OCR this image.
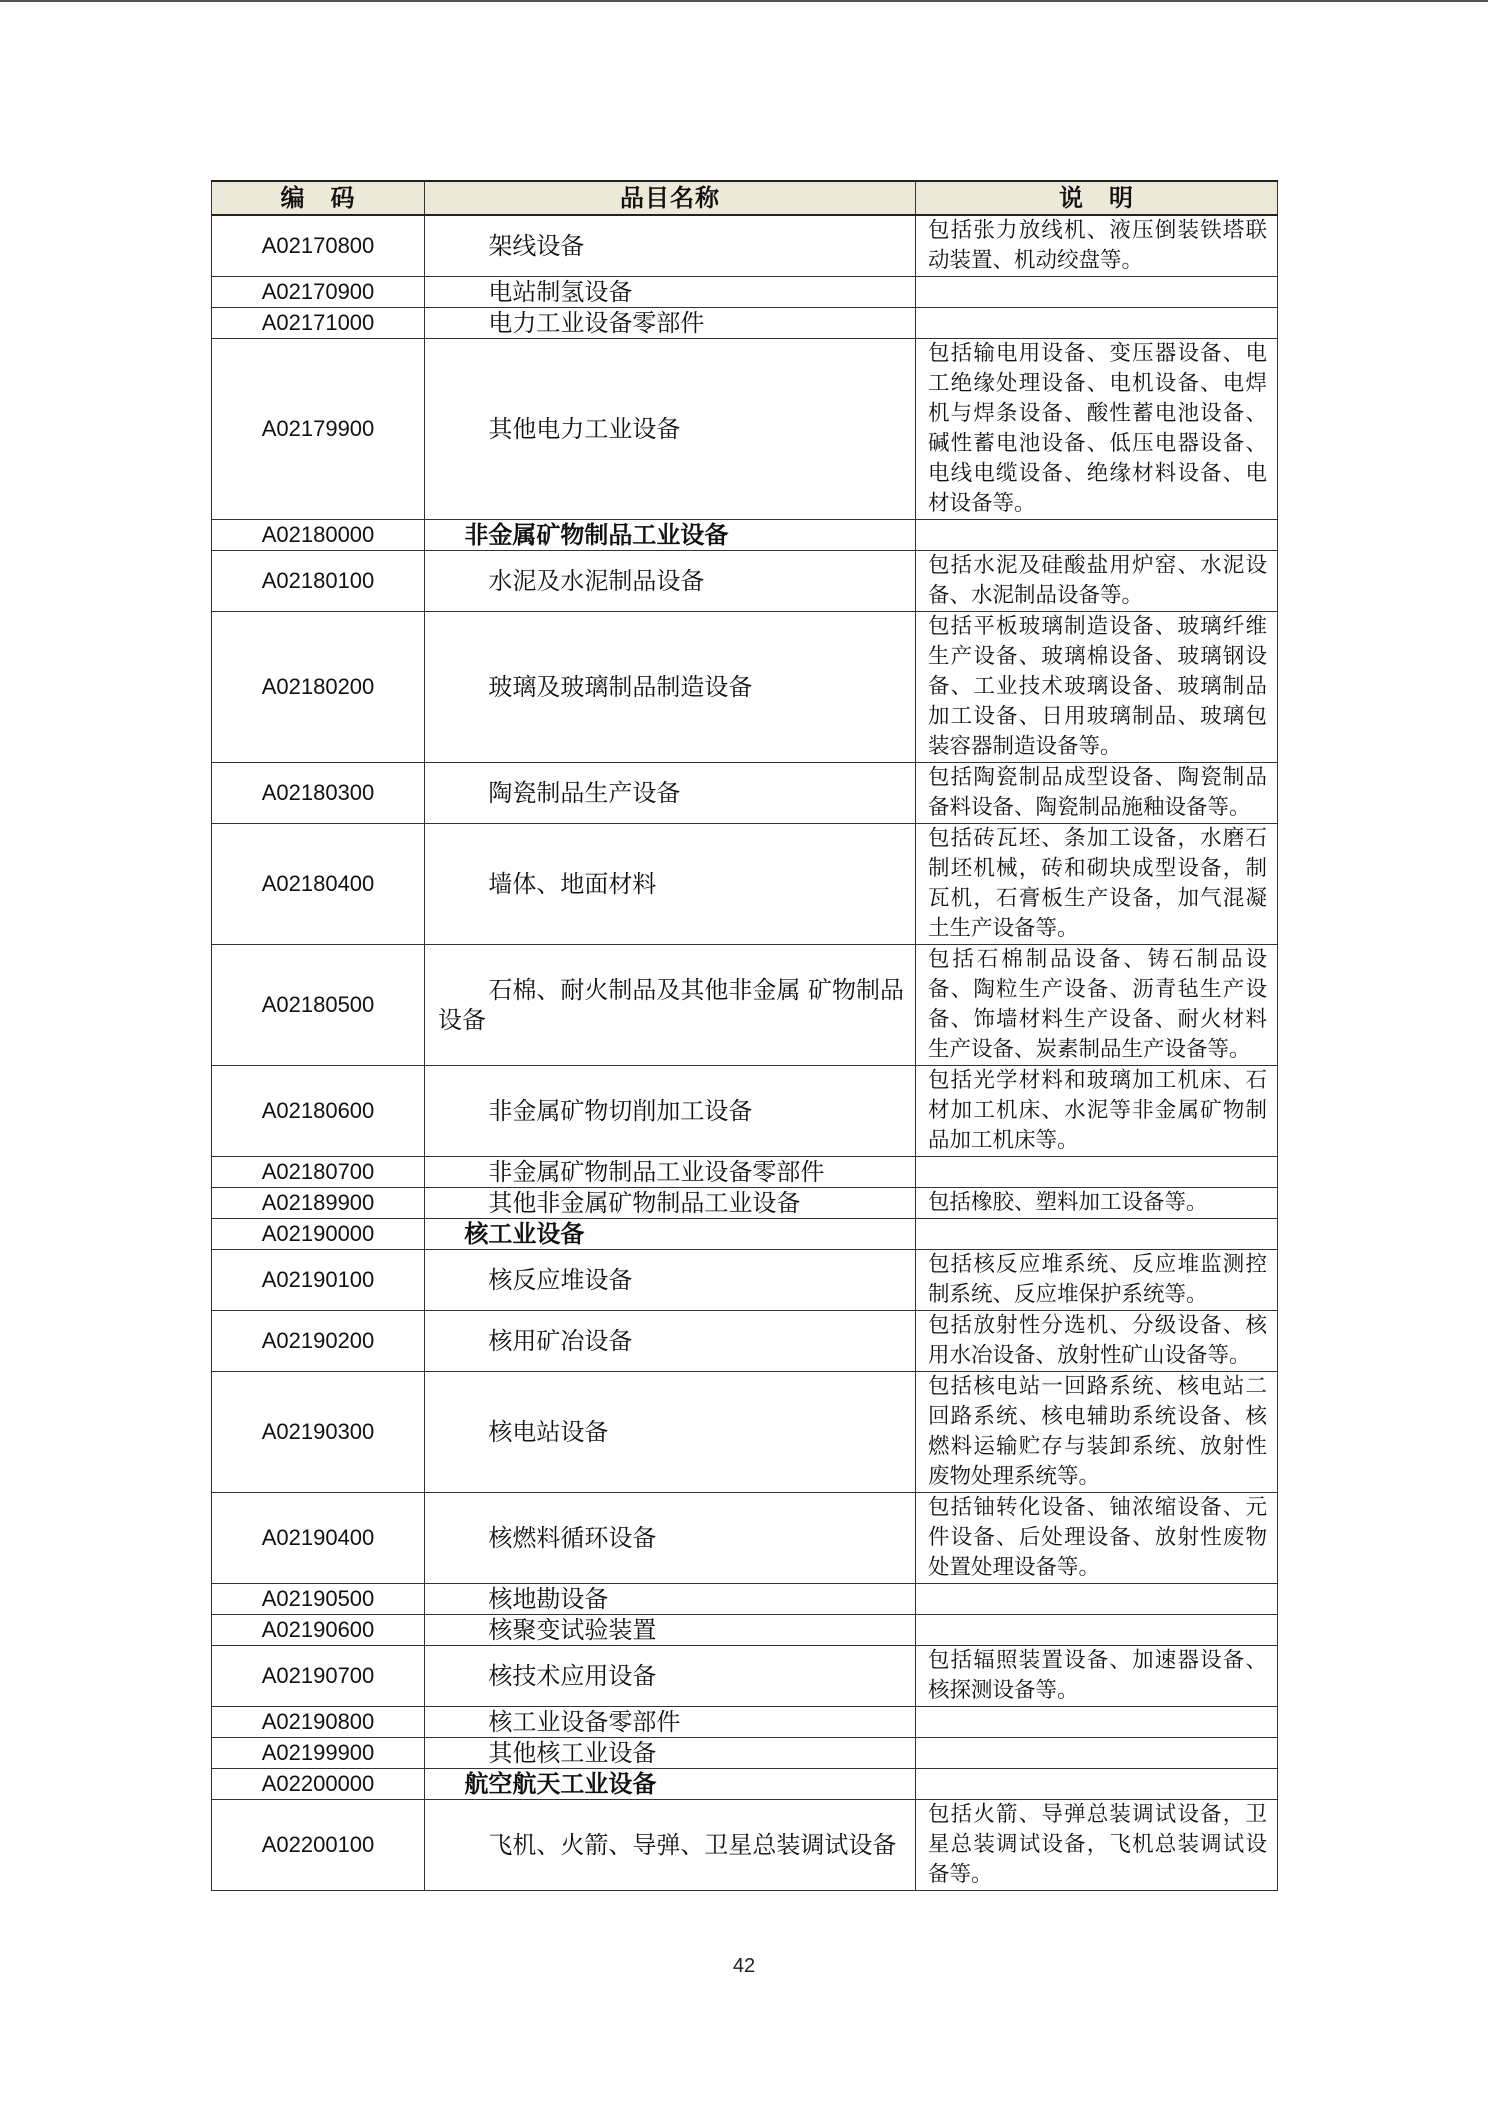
编　码	品目名称	说　明
A02170800	架线设备	包括张力放线机、液压倒装铁塔联动装置、机动绞盘等。
A02170900	电站制氢设备	
A02171000	电力工业设备零部件	
A02179900	其他电力工业设备	包括输电用设备、变压器设备、电工绝缘处理设备、电机设备、电焊机与焊条设备、酸性蓄电池设备、碱性蓄电池设备、低压电器设备、电线电缆设备、绝缘材料设备、电材设备等。
A02180000	非金属矿物制品工业设备	
A02180100	水泥及水泥制品设备	包括水泥及硅酸盐用炉窑、水泥设备、水泥制品设备等。
A02180200	玻璃及玻璃制品制造设备	包括平板玻璃制造设备、玻璃纤维生产设备、玻璃棉设备、玻璃钢设备、工业技术玻璃设备、玻璃制品加工设备、日用玻璃制品、玻璃包装容器制造设备等。
A02180300	陶瓷制品生产设备	包括陶瓷制品成型设备、陶瓷制品备料设备、陶瓷制品施釉设备等。
A02180400	墙体、地面材料	包括砖瓦坯、条加工设备，水磨石制坯机械，砖和砌块成型设备，制瓦机，石膏板生产设备，加气混凝土生产设备等。
A02180500	石棉、耐火制品及其他非金属 矿物制品设备	包括石棉制品设备、铸石制品设备、陶粒生产设备、沥青毡生产设备、饰墙材料生产设备、耐火材料生产设备、炭素制品生产设备等。
A02180600	非金属矿物切削加工设备	包括光学材料和玻璃加工机床、石材加工机床、水泥等非金属矿物制品加工机床等。
A02180700	非金属矿物制品工业设备零部件	
A02189900	其他非金属矿物制品工业设备	包括橡胶、塑料加工设备等。
A02190000	核工业设备	
A02190100	核反应堆设备	包括核反应堆系统、反应堆监测控制系统、反应堆保护系统等。
A02190200	核用矿冶设备	包括放射性分选机、分级设备、核用水冶设备、放射性矿山设备等。
A02190300	核电站设备	包括核电站一回路系统、核电站二回路系统、核电辅助系统设备、核燃料运输贮存与装卸系统、放射性废物处理系统等。
A02190400	核燃料循环设备	包括铀转化设备、铀浓缩设备、元件设备、后处理设备、放射性废物处置处理设备等。
A02190500	核地勘设备	
A02190600	核聚变试验装置	
A02190700	核技术应用设备	包括辐照装置设备、加速器设备、核探测设备等。
A02190800	核工业设备零部件	
A02199900	其他核工业设备	
A02200000	航空航天工业设备	
A02200100	飞机、火箭、导弹、卫星总装调试设备	包括火箭、导弹总装调试设备，卫星总装调试设备，飞机总装调试设备等。
42
